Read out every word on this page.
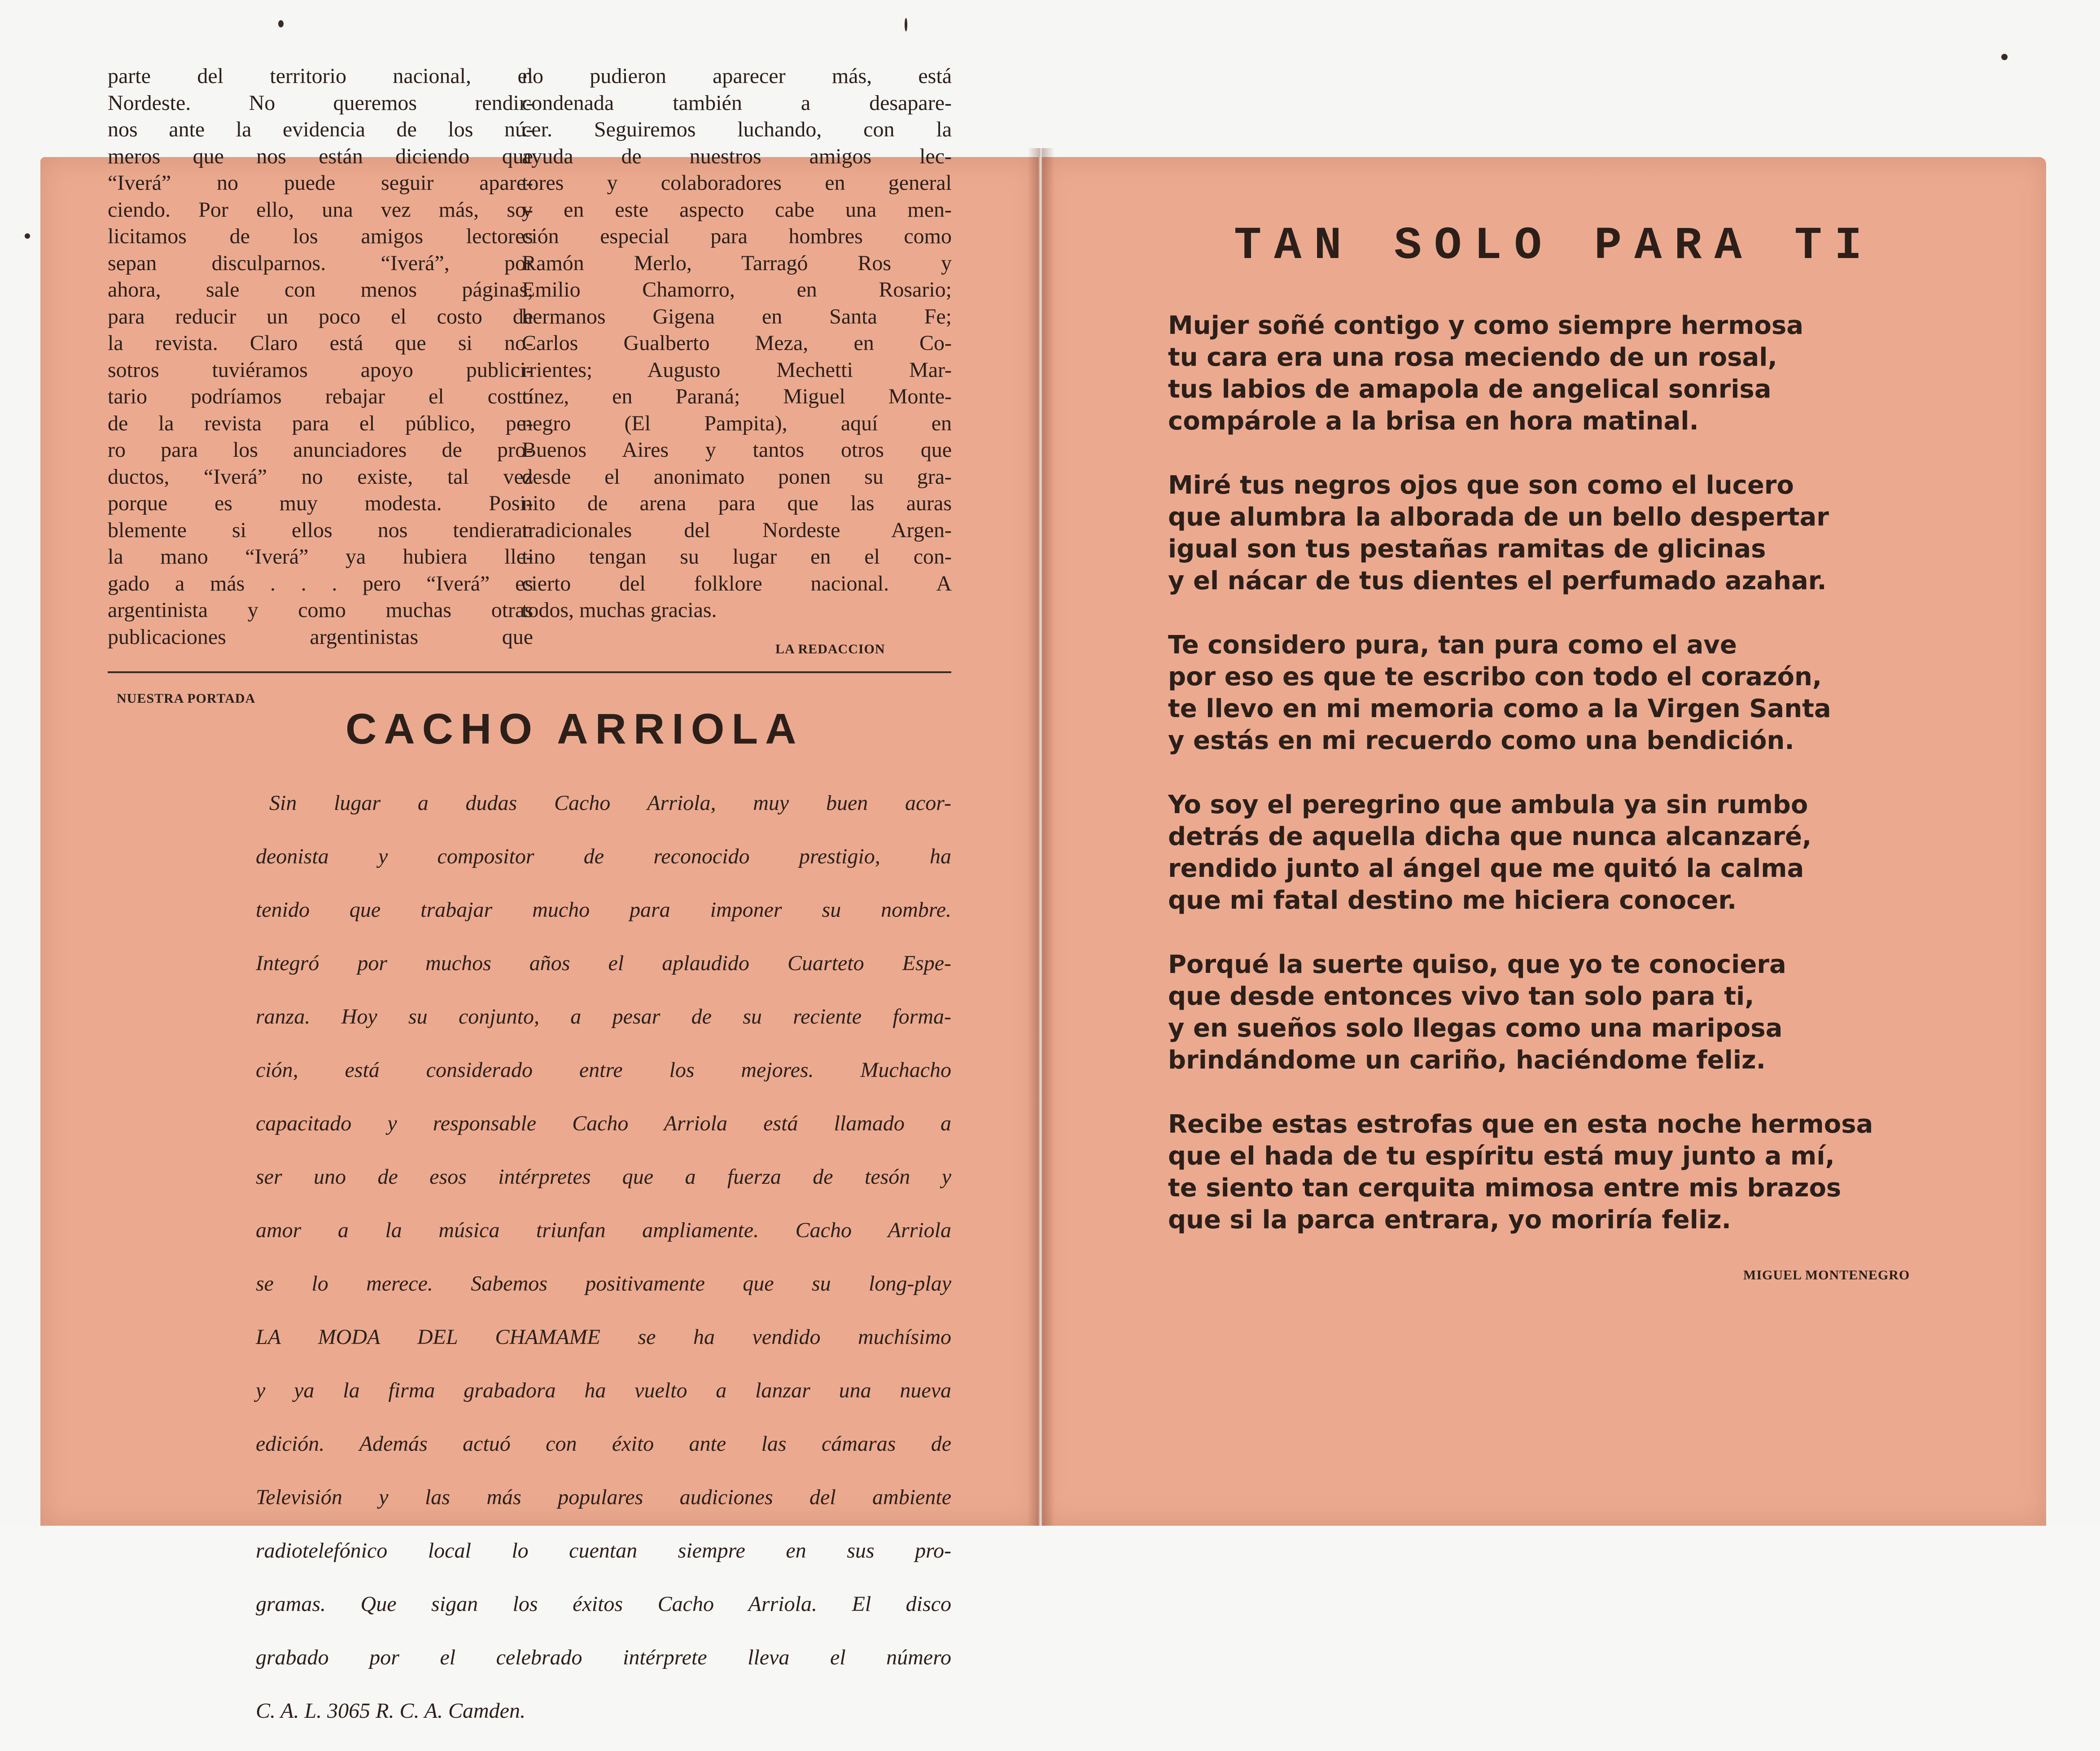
parte del territorio nacional, el

Nordeste. No queremos rendir-

nos ante la evidencia de los nú-

meros que nos están diciendo que

“Iverá” no puede seguir apare-

ciendo. Por ello, una vez más, so-

licitamos de los amigos lectores

sepan disculparnos. “Iverá”, por

ahora, sale con menos páginas,

para reducir un poco el costo de

la revista. Claro está que si no-

sotros tuviéramos apoyo publici-

tario podríamos rebajar el costo

de la revista para el público, pe-

ro para los anunciadores de pro-

ductos, “Iverá” no existe, tal vez

porque es muy modesta. Posi-

blemente si ellos nos tendieran

la mano “Iverá” ya hubiera lle-

gado a más . . . pero “Iverá” es

argentinista y como muchas otras

publicaciones argentinistas que

no pudieron aparecer más, está

condenada también a desapare-

cer. Seguiremos luchando, con la

ayuda de nuestros amigos lec-

tores y colaboradores en general

y en este aspecto cabe una men-

ción especial para hombres como

Ramón Merlo, Tarragó Ros y

Emilio Chamorro, en Rosario;

hermanos Gigena en Santa Fe;

Carlos Gualberto Meza, en Co-

rrientes; Augusto Mechetti Mar-

tínez, en Paraná; Miguel Monte-

negro (El Pampita), aquí en

Buenos Aires y tantos otros que

desde el anonimato ponen su gra-

nito de arena para que las auras

tradicionales del Nordeste Argen-

tino tengan su lugar en el con-

cierto del folklore nacional. A

todos, muchas gracias.

LA REDACCION
NUESTRA PORTADA
CACHO ARRIOLA

Sin lugar a dudas Cacho Arriola, muy buen acor-

deonista y compositor de reconocido prestigio, ha

tenido que trabajar mucho para imponer su nombre.

Integró por muchos años el aplaudido Cuarteto Espe-

ranza. Hoy su conjunto, a pesar de su reciente forma-

ción, está considerado entre los mejores. Muchacho

capacitado y responsable Cacho Arriola está llamado a

ser uno de esos intérpretes que a fuerza de tesón y

amor a la música triunfan ampliamente. Cacho Arriola

se lo merece. Sabemos positivamente que su long-play

LA MODA DEL CHAMAME se ha vendido muchísimo

y ya la firma grabadora ha vuelto a lanzar una nueva

edición. Además actuó con éxito ante las cámaras de

Televisión y las más populares audiciones del ambiente

radiotelefónico local lo cuentan siempre en sus pro-

gramas. Que sigan los éxitos Cacho Arriola. El disco

grabado por el celebrado intérprete lleva el número

C. A. L. 3065 R. C. A. Camden.

TAN SOLO PARA TI
Mujer soñé contigo y como siempre hermosa
tu cara era una rosa meciendo de un rosal,
tus labios de amapola de angelical sonrisa
compárole a la brisa en hora matinal.
Miré tus negros ojos que son como el lucero
que alumbra la alborada de un bello despertar
igual son tus pestañas ramitas de glicinas
y el nácar de tus dientes el perfumado azahar.
Te considero pura, tan pura como el ave
por eso es que te escribo con todo el corazón,
te llevo en mi memoria como a la Virgen Santa
y estás en mi recuerdo como una bendición.
Yo soy el peregrino que ambula ya sin rumbo
detrás de aquella dicha que nunca alcanzaré,
rendido junto al ángel que me quitó la calma
que mi fatal destino me hiciera conocer.
Porqué la suerte quiso, que yo te conociera
que desde entonces vivo tan solo para ti,
y en sueños solo llegas como una mariposa
brindándome un cariño, haciéndome feliz.
Recibe estas estrofas que en esta noche hermosa
que el hada de tu espíritu está muy junto a mí,
te siento tan cerquita mimosa entre mis brazos
que si la parca entrara, yo moriría feliz.
MIGUEL MONTENEGRO
